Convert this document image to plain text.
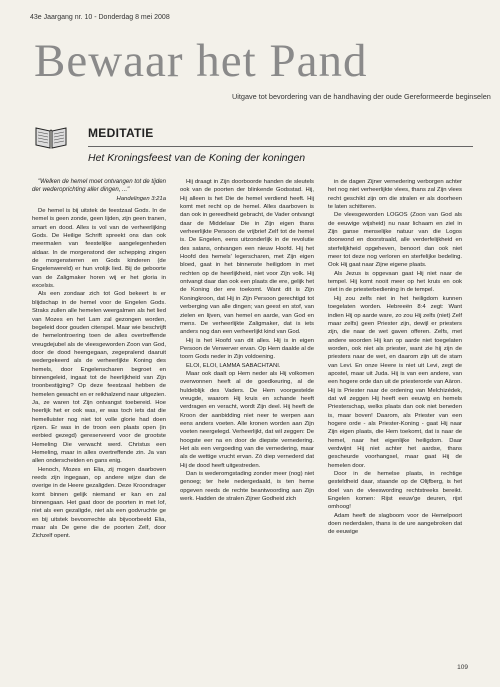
43e Jaargang nr. 10 - Donderdag 8 mei 2008
Bewaar het Pand
Uitgave tot bevordering van de handhaving der oude Gereformeerde beginselen
MEDITATIE
Het Kroningsfeest van de Koning der koningen

"Welken de hemel moet ontvangen tot de tijden der wederoprichting aller dingen, ..."

Handelingen 3:21a

De hemel is bij uitstek de feestzaal Gods. In de hemel is geen zonde, geen lijden, zijn geen tranen, smart en dood. Alles is vol van de verheerlijking Gods. De Heilige Schrift spreekt ons dan ook meermalen van feestelijke aangelegenheden aldaar. In de morgenstond der schepping zingen de morgensterren en Gods kinderen (de Engelenwereld) er hun vrolijk lied. Bij de geboorte van de Zaligmaker horen wij er het gloria in excelsis.

Als een zondaar zich tot God bekeert is er blijdschap in de hemel voor de Engelen Gods. Straks zullen alle hemelen weergalmen als het lied van Mozes en het Lam zal gezongen worden, begeleid door gouden citerspel. Maar wie beschrijft de hemelontroering toen de alles overtreffende vreugdejubel als de vleesgeworden Zoon van God, door de dood heengegaan, zegepralend daaruit wedergekeerd als de verheerlijkte Koning des hemels, door Engelenscharen begroet en binnengeleid, ingaat tot de heerlijkheid van Zijn troonbestijging? Op deze feestzaal hebben de hemelen gewacht en er reikhalzend naar uitgezien. Ja, ze waren tot Zijn ontvangst toebereid. Hoe heerlijk het er ook was, er was toch iets dat die hemelluister nog niet tot volle glorie had doen rijzen. Er was in de troon een plaats open (in eerbied gezegd) gereserveerd voor de grootste Hemeling Die verwacht werd. Christus een Hemeling, maar in alles overtreffende zin. Ja van allen onderscheiden en gans enig.

Henoch, Mozes en Elia, zij mogen daarboven reeds zijn ingegaan, op andere wijze dan de overige in de Heere gezaligden. Deze Kroondrager komt binnen gelijk niemand er kan en zal binnengaan. Het gaat door de poorten in met lof, niet als een gezaligde, niet als een godvruchte ge en bij uitstek bevoorrechte als bijvoorbeeld Elia, maar als De gene die de poorten Zelf, door Zichzelf opent.

Hij draagt in Zijn doorboorde handen de sleutels ook van de poorten der blinkende Godsstad. Hij, Hij alleen is het Die de hemel verdiend heeft. Hij komt met recht op de hemel. Alles daarboven is dan ook in gereedheid gebracht, de Vader ontvangt daar de Middelaar Die in Zijn eigen thans verheerlijkte Persoon de vrijbrief Zelf tot de hemel is. De Engelen, eens uitzonderlijk in de revolutie des satans, ontvangen een nieuw Hoofd. Hij het Hoofd des hemels' legerscharen, met Zijn eigen bloed, gaat in het binnenste heiligdom in met rechten op de heerlijkheid, niet voor Zijn volk. Hij ontvangt daar dan ook een plaats die ere, gelijk het de Koning der ere toekomt. Want dit is Zijn Koningkroon, dat Hij in Zijn Persoon gerechtigd tot verberging van alle dingen; van geest en stof, van zielen en lijven, van hemel en aarde, van God en mens. De verheerlijkte Zaligmaker, dat is iets anders nog dan een verheerlijkt kind van God.

Hij is het Hoofd van dit alles. Hij is in eigen Persoon de Verwerver ervan. Op Hem daalde al de toorn Gods neder in Zijn voldoening.

ELOI, ELOI, LAMMA SABACHTANI.

Maar ook daalt op Hem neder als Hij volkomen overwonnen heeft al de goedkeuring, al de huldeblijk des Vaders. De Hem voorgestelde vreugde, waarom Hij kruis en schande heeft verdragen en veracht, wordt Zijn deel. Hij heeft de Kroon der aanbidding niet neer te werpen aan eens anders voeten. Alle kronen worden aan Zijn voeten neergelegd. Verheerlijkt, dat wil zeggen: De hoogste eer na en door de diepste vernedering. Het als een vergoeding van die vernedering, maar als de wettige vrucht ervan. Zó diep vernederd dat Hij de dood heeft uitgestreden.

Dan is wederomgstading zonder meer (nog) niet genoeg; ter hele nedergedaald, is ten heme opgeven reeds de rechte beantwoording aan Zijn werk. Hadden de stralen Zijner Godheid zich

in de dagen Zijner vernedering verborgen achter het nog niet verheerlijkte vlees, thans zal Zijn vlees recht geschikt zijn om die stralen er als doorheen te laten schitteren.

De vleesgeworden LOGOS (Zoon van God als de eeuwige wijsheid) nu naar lichaam en ziel in Zijn ganse menselijke natuur van die Logos doorwond en doorstraald, alle verderfelijkheid en sterfelijkheid opgeheven, benoort dan ook niet meer tot deze nog verloren en sterfelijke bedeling. Ook Hij gaat naar Zijne eigene plaats.

Als Jezus is opgevaan gaat Hij niet naar de tempel. Hij komt nooit meer op het kruis en ook niet in de priesterbediening in de tempel.

Hij zou zelfs niet in het heiligdom kunnen toegelaten worden. Hebreeën 8:4 zegt: Want indien Hij op aarde ware, zo zou Hij zelfs (niet) Zelf maar zelfs) geen Priester zijn, dewijl er priesters zijn, die naar de wet gaven offeren. Zelfs, met andere woorden Hij kan op aarde niet toegelaten worden, ook niet als priester, want zie hij zijn de priesters naar de wet, en daarom zijn uit de stam van Levi. En onze Heere is niet uit Levi, zegt de apostel, maar uit Juda. Hij is van een andere, van een hogere orde dan uit de priesterorde van Aäron. Hij is Priester naar de ordening van Melchizédek, dat wil zeggen Hij heeft een eeuwig en hemels Priesterschap, welks plaats dan ook niet beneden is, maar boven! Daarom, als Priester van een hogere orde - als Priester-Koning - gaat Hij naar Zijn eigen plaats, die Hem toekomt, dat is naar de hemel, naar het eigenlijke heiligdom. Daar verdwijnt Hij niet achter het aardse, thans gescheurde voorhangsel, maar gaat Hij de hemelen door.

Door in de hemelse plaats, in rechtige gesteldheid daar, staande op de Olijfberg, is het doel van de vleeswording rechtstreeks bereikt. Engelen komen: Rijst eeuw'ge deuren, rijst omhoog!

Adam heeft de slagboom voor de Hemelpoort doen nederdalen, thans is de ure aangebroken dat de eeuwige

109
